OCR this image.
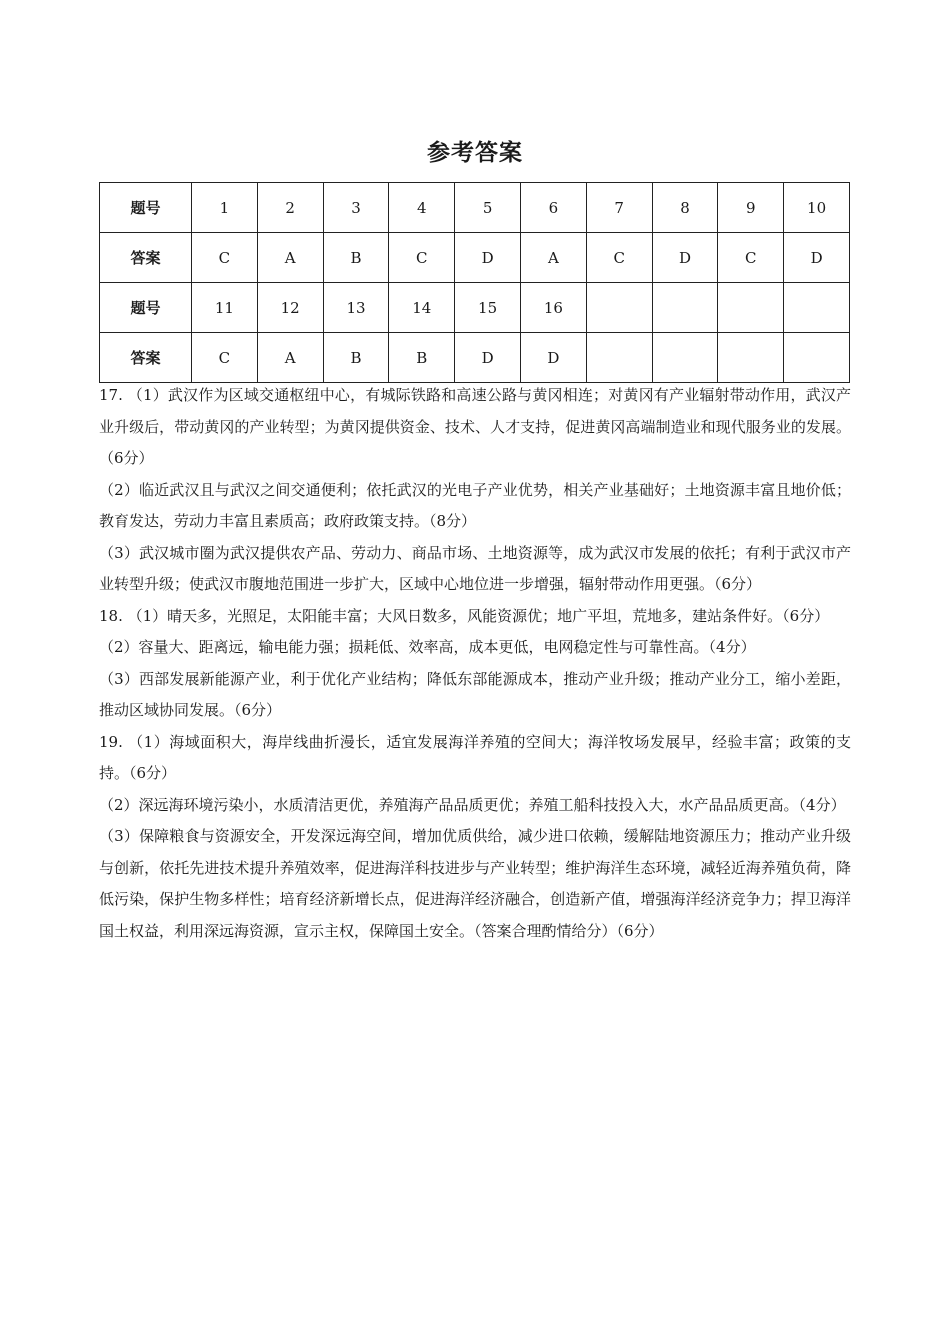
参考答案
题号	1	2	3	4	5	6	7	8	9	10
答案	C	A	B	C	D	A	C	D	C	D
题号	11	12	13	14	15	16				
答案	C	A	B	B	D	D				

17. （1）武汉作为区域交通枢纽中心，有城际铁路和高速公路与黄冈相连；对黄冈有产业辐射带动作用，武汉产业升级后，带动黄冈的产业转型；为黄冈提供资金、技术、人才支持，促进黄冈高端制造业和现代服务业的发展。（6分）

（2）临近武汉且与武汉之间交通便利；依托武汉的光电子产业优势，相关产业基础好；土地资源丰富且地价低；教育发达，劳动力丰富且素质高；政府政策支持。（8分）

（3）武汉城市圈为武汉提供农产品、劳动力、商品市场、土地资源等，成为武汉市发展的依托；有利于武汉市产业转型升级；使武汉市腹地范围进一步扩大，区域中心地位进一步增强，辐射带动作用更强。（6分）

18. （1）晴天多，光照足，太阳能丰富；大风日数多，风能资源优；地广平坦，荒地多，建站条件好。（6分）

（2）容量大、距离远，输电能力强；损耗低、效率高，成本更低，电网稳定性与可靠性高。（4分）

（3）西部发展新能源产业，利于优化产业结构；降低东部能源成本，推动产业升级；推动产业分工，缩小差距，推动区域协同发展。（6分）

19. （1）海域面积大，海岸线曲折漫长，适宜发展海洋养殖的空间大；海洋牧场发展早，经验丰富；政策的支持。（6分）

（2）深远海环境污染小，水质清洁更优，养殖海产品品质更优；养殖工船科技投入大，水产品品质更高。（4分）

（3）保障粮食与资源安全，开发深远海空间，增加优质供给，减少进口依赖，缓解陆地资源压力；推动产业升级与创新，依托先进技术提升养殖效率，促进海洋科技进步与产业转型；维护海洋生态环境，减轻近海养殖负荷，降低污染，保护生物多样性；培育经济新增长点，促进海洋经济融合，创造新产值，增强海洋经济竞争力；捍卫海洋国土权益，利用深远海资源，宣示主权，保障国土安全。（答案合理酌情给分）（6分）
